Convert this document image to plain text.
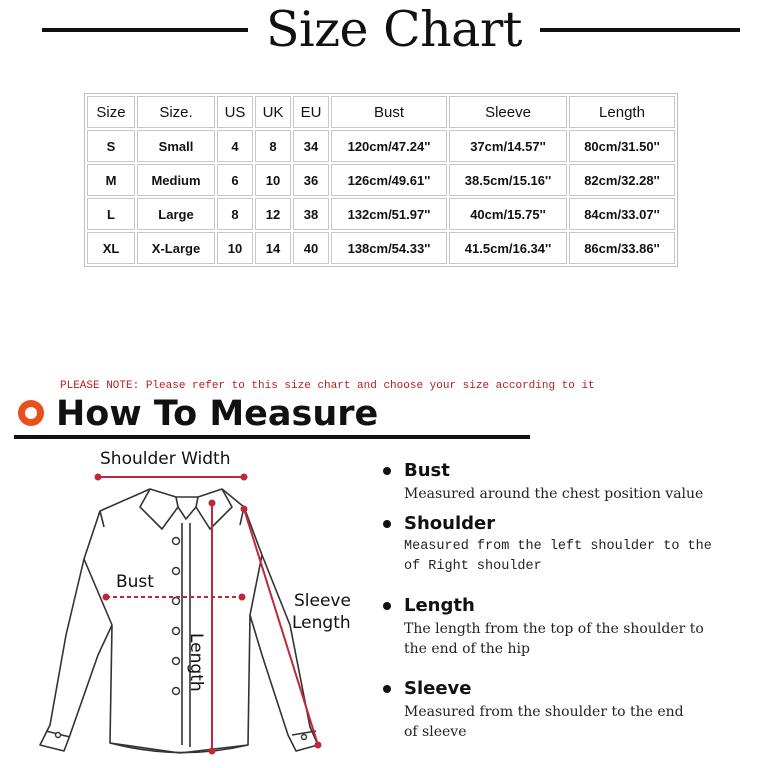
Size Chart
Size	Size.	US	UK	EU	Bust	Sleeve	Length
S	Small	4	8	34	120cm/47.24''	37cm/14.57''	80cm/31.50''
M	Medium	6	10	36	126cm/49.61''	38.5cm/15.16''	82cm/32.28''
L	Large	8	12	38	132cm/51.97''	40cm/15.75''	84cm/33.07''
XL	X-Large	10	14	40	138cm/54.33''	41.5cm/16.34''	86cm/33.86''
PLEASE NOTE: Please refer to this size chart and choose your size according to it
How To Measure
Shoulder Width
Bust
Length
Sleeve
Length
Bust
Measured around the chest position value
Shoulder
Measured from the left shoulder to the
of Right shoulder
Length
The length from the top of the shoulder to
the end of the hip
Sleeve
Measured from the shoulder to the end
of sleeve
